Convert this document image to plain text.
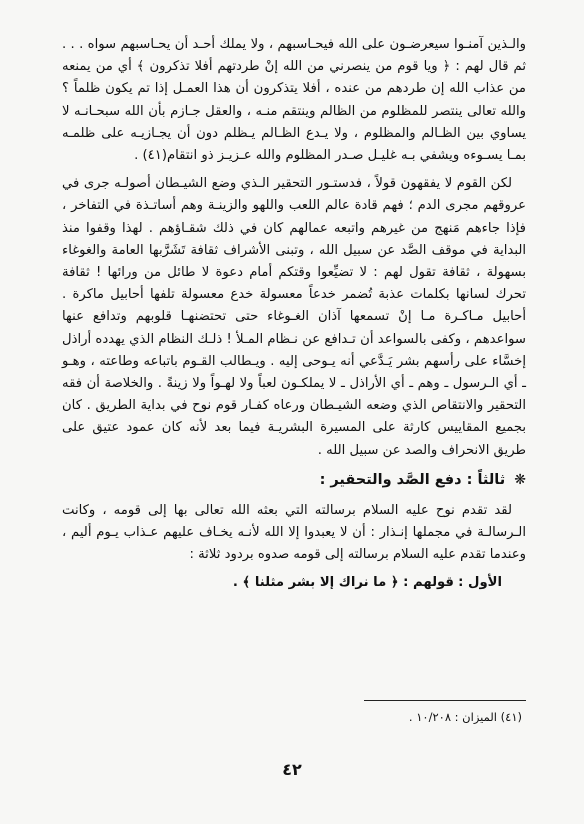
والـذين آمنـوا سيعرضـون على الله فيحـاسبهم ، ولا يملك أحـد أن يحـاسبهم سواه . . . ثم قال لهم : ﴿ ويا قوم من ينصرني من الله إنْ طردتهم أفلا تذكرون ﴾ أي من يمنعه من عذاب الله إن طردهم من عنده ، أفلا يتذكرون أن هذا العمـل إذا تم يكون ظلماً ؟ والله تعالى ينتصر للمظلوم من الظالم وينتقم منـه ، والعقل جـازم بأن الله سبحـانـه لا يساوي بين الظـالم والمظلوم ، ولا يـدع الظـالم يـظلم دون أن يجـازيـه على ظلمـه بمـا يسـوءه ويشفي بـه غليـل صـدر المظلوم والله عـزيـز ذو انتقام(٤١) .

لكن القوم لا يفقهون قولاً ، فدستـور التحقير الـذي وضع الشيـطان أصولـه جرى في عروقهم مجرى الدم ؛ فهم قادة عالم اللعب واللهو والزينـة وهم أساتـذة في التفاخر ، فإذا جاءهم مَنهج من غيرهم واتبعه عمالهم كان في ذلك شقـاؤهم . لهذا وقفوا منذ البداية في موقف الصَّد عن سبيل الله ، وتبنى الأشراف ثقافة تَشَرَّبها العامة والغوغاء بسهولة ، ثقافة تقول لهم : لا تضيِّعوا وقتكم أمام دعوة لا طائل من ورائها ! ثقافة تحرك لسانها بكلمات عذبة تُضمر خدعاً معسولة خدع معسولة تلفها أحابيل ماكرة . أحابيل مـاكـرة مـا إنْ تسمعها آذان الغـوغاء حتى تحتضنهـا قلوبهم وتدافع عنها سواعدهم ، وكفى بالسواعد أن تـدافع عن نـظام المـلأ ! ذلـك النظام الذي يهدده أراذل إخسَّاء على رأسهم بشر يَـدَّعي أنه يـوحى إليه . ويـطالب القـوم باتباعه وطاعته ، وهـو ـ أي الـرسول ـ وهم ـ أي الأراذل ـ لا يملكـون لعباً ولا لهـواً ولا زينةً . والخلاصة أن فقه التحقير والانتقاص الذي وضعه الشيـطان ورعاه كفـار قوم نوح في بداية الطريق . كان بجميع المقاييس كارثة على المسيرة البشريـة فيما بعد لأنه كان عمود عتيق على طريق الانحراف والصد عن سبيل الله .

❋ ثالثاً : دفع الصَّد والتحقير :

لقد تقدم نوح عليه السلام برسالته التي بعثه الله تعالى بها إلى قومه ، وكانت الـرسالـة في مجملها إنـذار : أن لا يعبدوا إلا الله لأنـه يخـاف عليهم عـذاب يـوم أليم ، وعندما تقدم عليه السلام برسالته إلى قومه صدوه بردود ثلاثة :

الأول : قولهم : ﴿ ما نراك إلا بشر مثلنا ﴾ .
(٤١) الميزان : ١٠/٢٠٨ .
٤٢
